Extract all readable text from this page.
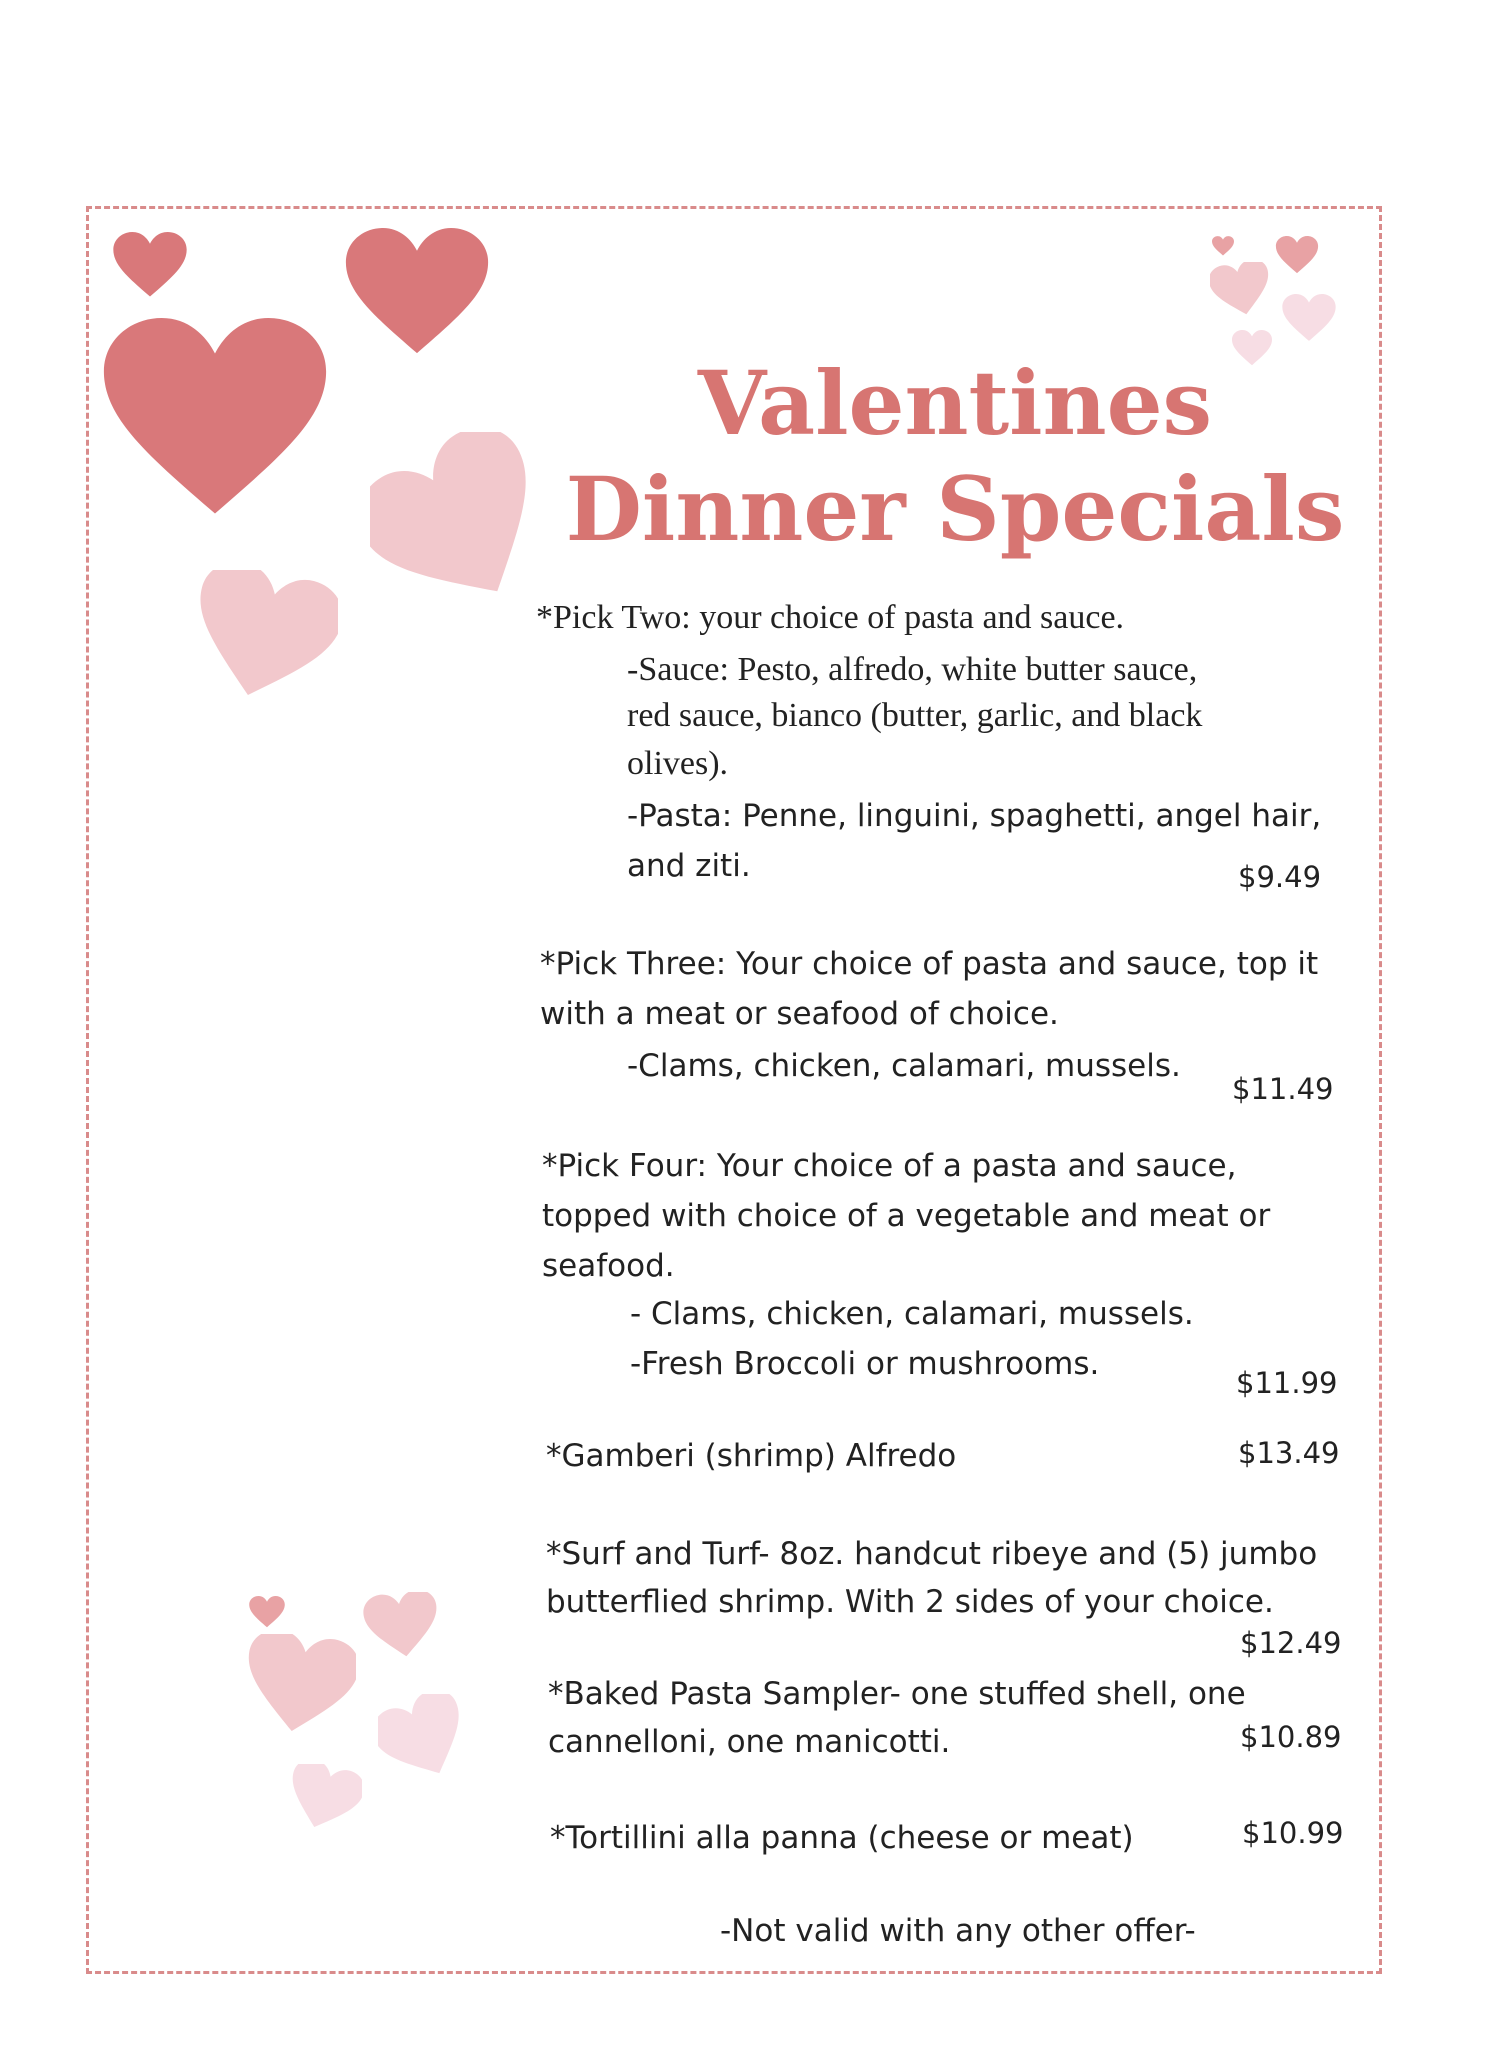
Valentines
Dinner Specials
*Pick Two: your choice of pasta and sauce.
-Sauce: Pesto, alfredo, white butter sauce,
red sauce, bianco (butter, garlic, and black
olives).
-Pasta: Penne, linguini, spaghetti, angel hair,
and ziti.	$9.49
*Pick Three: Your choice of pasta and sauce, top it
with a meat or seafood of choice.
-Clams, chicken, calamari, mussels.
$11.49
*Pick Four: Your choice of a pasta and sauce,
topped with choice of a vegetable and meat or
seafood.
- Clams, chicken, calamari, mussels.
-Fresh Broccoli or mushrooms.
$11.99
*Gamberi (shrimp) Alfredo	$13.49
*Surf and Turf- 8oz. handcut ribeye and (5) jumbo
butterflied shrimp. With 2 sides of your choice.
$12.49
*Baked Pasta Sampler- one stuffed shell, one
cannelloni, one manicotti.	$10.89
*Tortillini alla panna (cheese or meat)	$10.99
-Not valid with any other offer-
